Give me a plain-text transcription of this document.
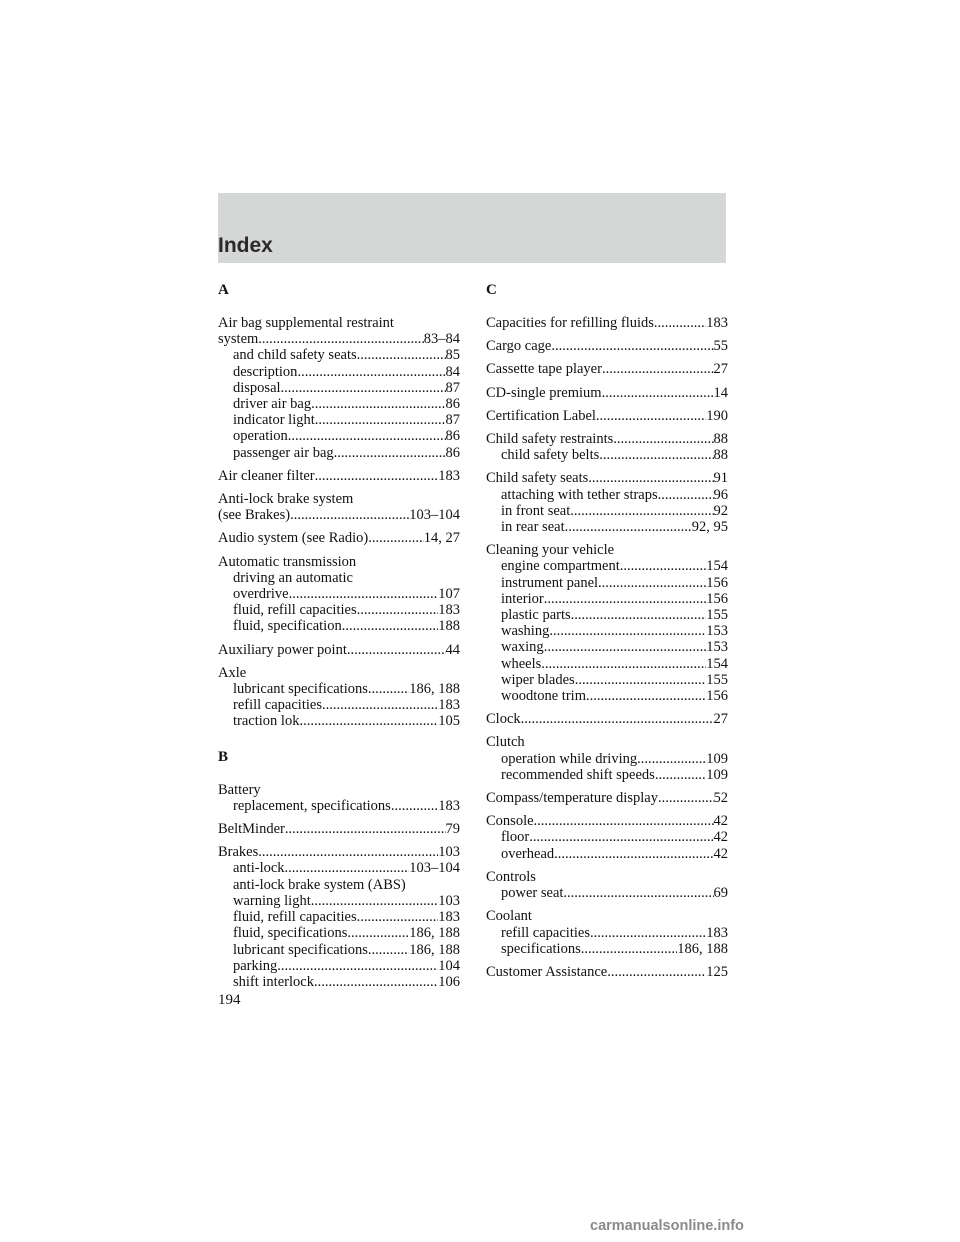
Index
A
Air bag supplemental restraint
system .....	83–84
and child safety seats .....	85
description .....	84
disposal .....	87
driver air bag .....	86
indicator light .....	87
operation .....	86
passenger air bag .....	86
Air cleaner filter .....	183
Anti-lock brake system
(see Brakes) .....	103–104
Audio system (see Radio) .....	14, 27
Automatic transmission
driving an automatic
overdrive .....	107
fluid, refill capacities .....	183
fluid, specification .....	188
Auxiliary power point .....	44
Axle
lubricant specifications .....	186, 188
refill capacities .....	183
traction lok .....	105
B
Battery
replacement, specifications .....	183
BeltMinder .....	79
Brakes .....	103
anti-lock .....	103–104
anti-lock brake system (ABS)
warning light .....	103
fluid, refill capacities .....	183
fluid, specifications .....	186, 188
lubricant specifications .....	186, 188
parking .....	104
shift interlock .....	106
C
Capacities for refilling fluids .....	183
Cargo cage .....	55
Cassette tape player .....	27
CD-single premium .....	14
Certification Label .....	190
Child safety restraints .....	88
child safety belts .....	88
Child safety seats .....	91
attaching with tether straps .....	96
in front seat .....	92
in rear seat .....	92, 95
Cleaning your vehicle
engine compartment .....	154
instrument panel .....	156
interior .....	156
plastic parts .....	155
washing .....	153
waxing .....	153
wheels .....	154
wiper blades .....	155
woodtone trim .....	156
Clock .....	27
Clutch
operation while driving .....	109
recommended shift speeds .....	109
Compass/temperature display .....	52
Console .....	42
floor .....	42
overhead .....	42
Controls
power seat .....	69
Coolant
refill capacities .....	183
specifications .....	186, 188
Customer Assistance .....	125
194
carmanualsonline.info
